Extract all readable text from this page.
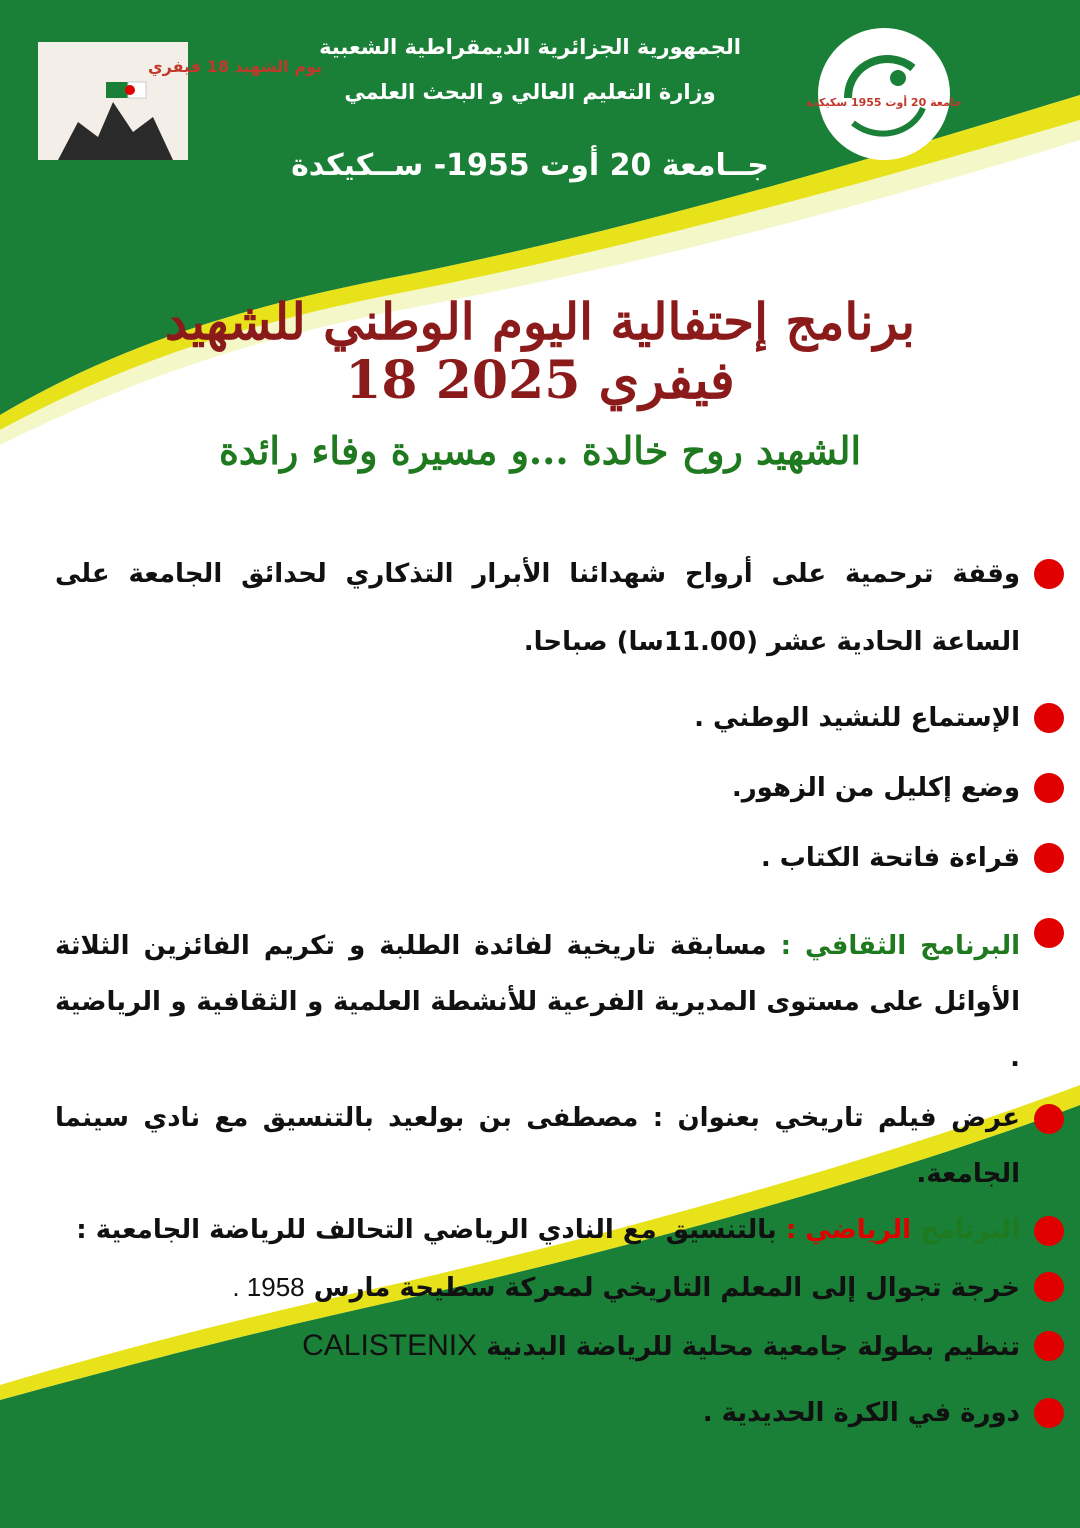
يوم الشهيد 18 فيفري
جامعة 20 أوت 1955 سكيكدة
الجمهورية الجزائرية الديمقراطية الشعبية
وزارة التعليم العالي و البحث العلمي
جــامعة 20 أوت 1955- ســكيكدة
برنامج إحتفالية اليوم الوطني للشهيد
18 فيفري 2025
الشهيد روح خالدة ...و مسيرة وفاء رائدة
وقفة ترحمية على أرواح شهدائنا الأبرار التذكاري لحدائق الجامعة على الساعة الحادية عشر (11.00سا) صباحا.
الإستماع للنشيد الوطني .
وضع إكليل من الزهور.
قراءة فاتحة الكتاب .
البرنامج الثقافي : مسابقة تاريخية لفائدة الطلبة و تكريم الفائزين الثلاثة الأوائل على مستوى المديرية الفرعية للأنشطة العلمية و الثقافية و الرياضية .
عرض فيلم تاريخي بعنوان : مصطفى بن بولعيد بالتنسيق مع نادي سينما الجامعة.
البرنامج الرياضي : بالتنسيق مع النادي الرياضي التحالف للرياضة الجامعية :
خرجة تجوال إلى المعلم التاريخي لمعركة سطيحة مارس 1958 .
تنظيم بطولة جامعية محلية للرياضة البدنية CALISTENIX
دورة في الكرة الحديدية .
